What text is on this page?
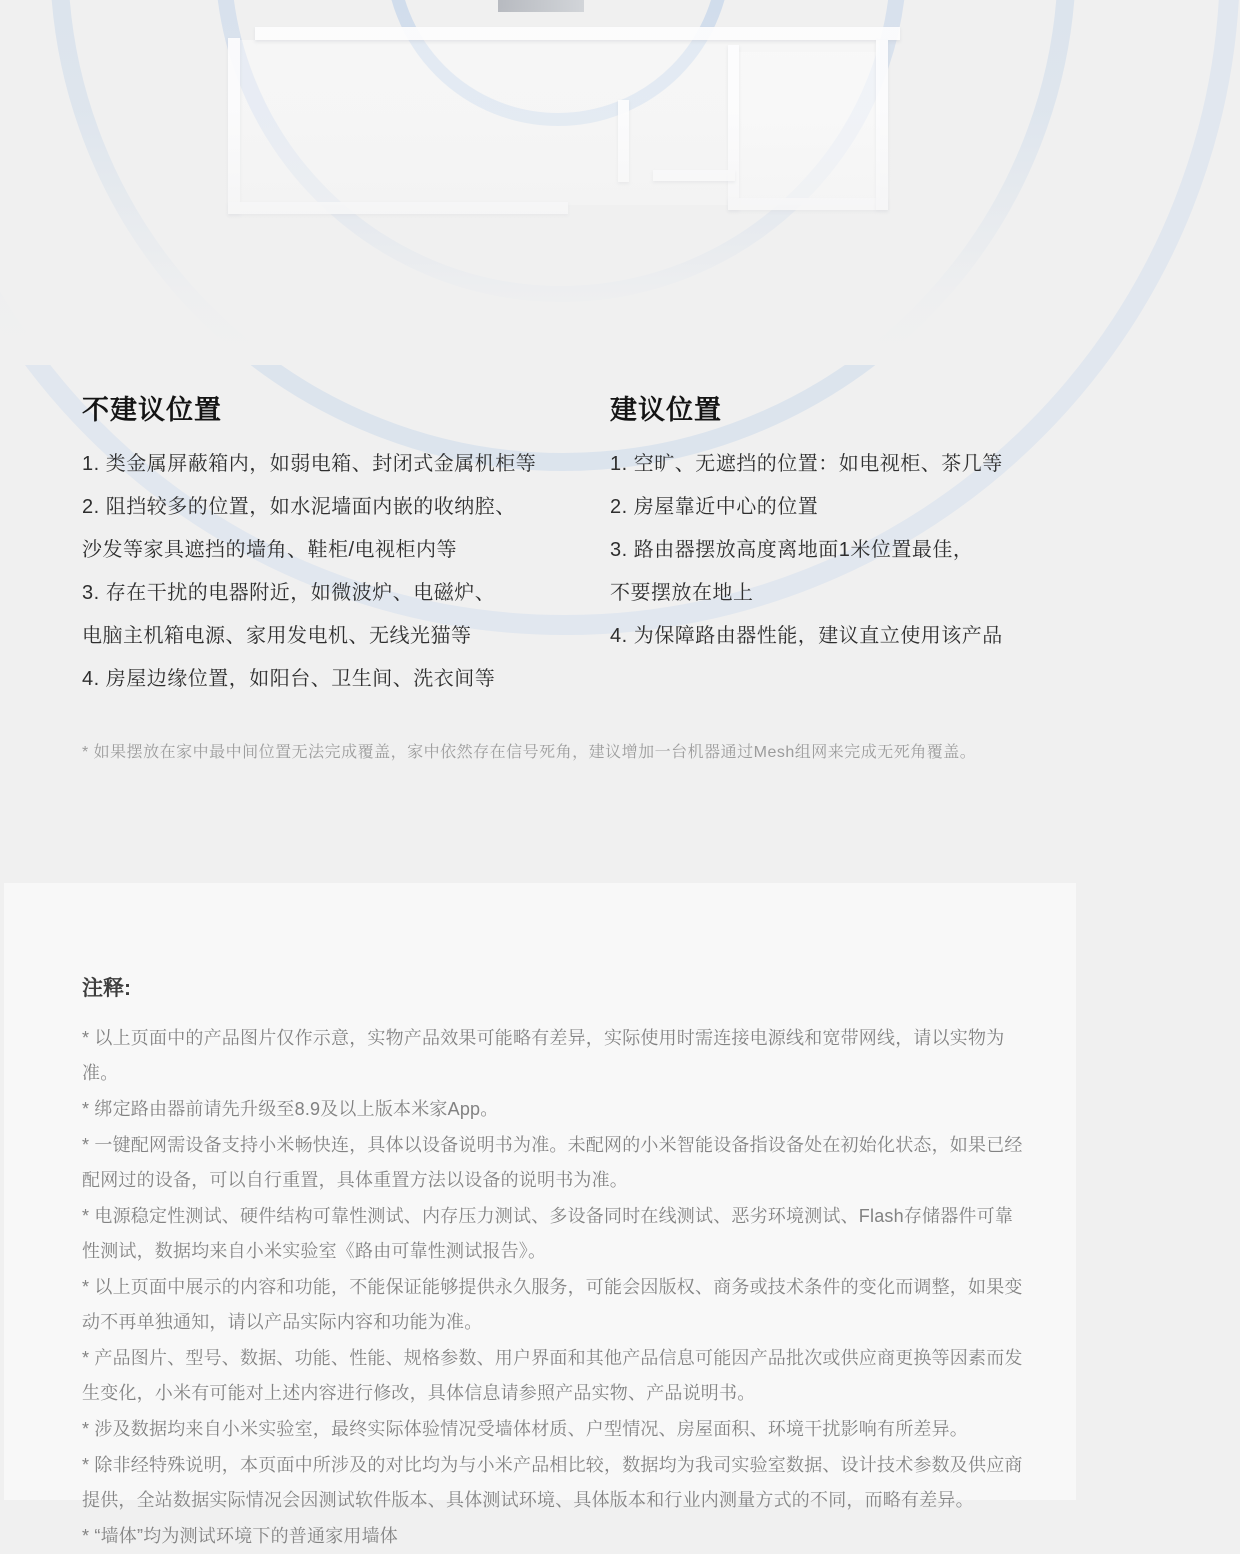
不建议位置
1. 类金属屏蔽箱内，如弱电箱、封闭式金属机柜等
2. 阻挡较多的位置，如水泥墙面内嵌的收纳腔、
沙发等家具遮挡的墙角、鞋柜/电视柜内等
3. 存在干扰的电器附近，如微波炉、电磁炉、
电脑主机箱电源、家用发电机、无线光猫等
4. 房屋边缘位置，如阳台、卫生间、洗衣间等
建议位置
1. 空旷、无遮挡的位置：如电视柜、茶几等
2. 房屋靠近中心的位置
3. 路由器摆放高度离地面1米位置最佳，
不要摆放在地上
4. 为保障路由器性能，建议直立使用该产品
* 如果摆放在家中最中间位置无法完成覆盖，家中依然存在信号死角，建议增加一台机器通过Mesh组网来完成无死角覆盖。
注释:

* 以上页面中的产品图片仅作示意，实物产品效果可能略有差异，实际使用时需连接电源线和宽带网线，请以实物为准。

* 绑定路由器前请先升级至8.9及以上版本米家App。

* 一键配网需设备支持小米畅快连，具体以设备说明书为准。未配网的小米智能设备指设备处在初始化状态，如果已经配网过的设备，可以自行重置，具体重置方法以设备的说明书为准。

* 电源稳定性测试、硬件结构可靠性测试、内存压力测试、多设备同时在线测试、恶劣环境测试、Flash存储器件可靠性测试，数据均来自小米实验室《路由可靠性测试报告》。

* 以上页面中展示的内容和功能，不能保证能够提供永久服务，可能会因版权、商务或技术条件的变化而调整，如果变动不再单独通知，请以产品实际内容和功能为准。

* 产品图片、型号、数据、功能、性能、规格参数、用户界面和其他产品信息可能因产品批次或供应商更换等因素而发生变化，小米有可能对上述内容进行修改，具体信息请参照产品实物、产品说明书。

* 涉及数据均来自小米实验室，最终实际体验情况受墙体材质、户型情况、房屋面积、环境干扰影响有所差异。

* 除非经特殊说明，本页面中所涉及的对比均为与小米产品相比较，数据均为我司实验室数据、设计技术参数及供应商提供，全站数据实际情况会因测试软件版本、具体测试环境、具体版本和行业内测量方式的不同，而略有差异。

* “墙体”均为测试环境下的普通家用墙体
